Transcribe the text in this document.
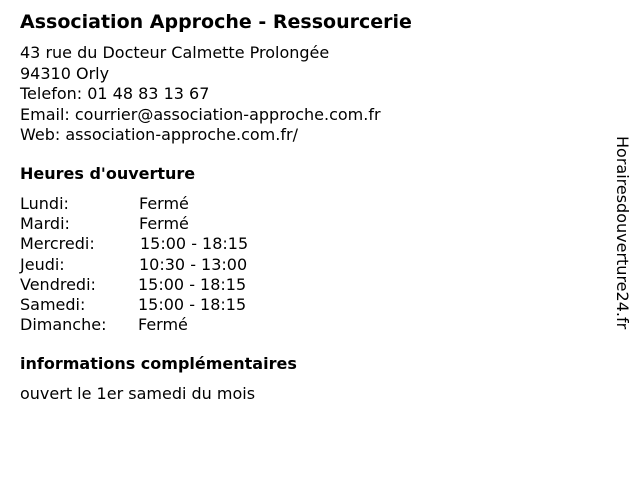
Association Approche - Ressourcerie
43 rue du Docteur Calmette Prolongée
94310 Orly
Telefon: 01 48 83 13 67
Email: courrier@association-approche.com.fr
Web: association-approche.com.fr/
Heures d'ouverture
Lundi:	Fermé
Mardi:	Fermé
Mercredi:	15:00 - 18:15
Jeudi:	10:30 - 13:00
Vendredi:	15:00 - 18:15
Samedi:	15:00 - 18:15
Dimanche: Fermé
informations complémentaires
ouvert le 1er samedi du mois
Horairesdouverture24.fr
